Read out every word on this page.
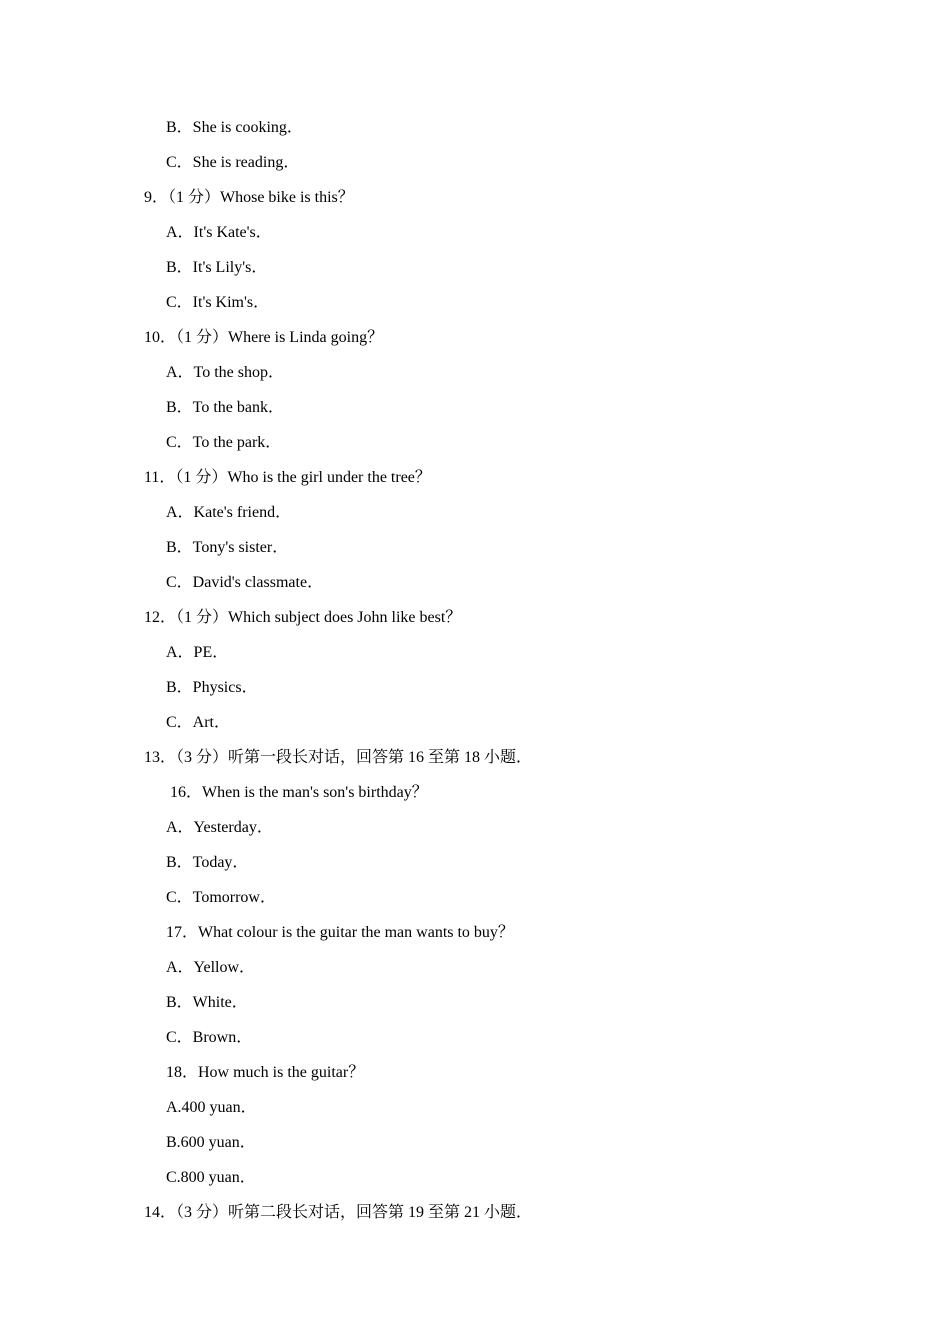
B．She is cooking．
C．She is reading．
9．（1 分）Whose bike is this？
A．It's Kate's．
B．It's Lily's．
C．It's Kim's．
10．（1 分）Where is Linda going？
A．To the shop．
B．To the bank．
C．To the park．
11．（1 分）Who is the girl under the tree？
A．Kate's friend．
B．Tony's sister．
C．David's classmate．
12．（1 分）Which subject does John like best？
A．PE．
B．Physics．
C．Art．
13．（3 分）听第一段长对话，回答第 16 至第 18 小题．
16．When is the man's son's birthday？
A．Yesterday．
B．Today．
C．Tomorrow．
17．What colour is the guitar the man wants to buy？
A．Yellow．
B．White．
C．Brown．
18．How much is the guitar？
A.400 yuan．
B.600 yuan．
C.800 yuan．
14．（3 分）听第二段长对话，回答第 19 至第 21 小题．
